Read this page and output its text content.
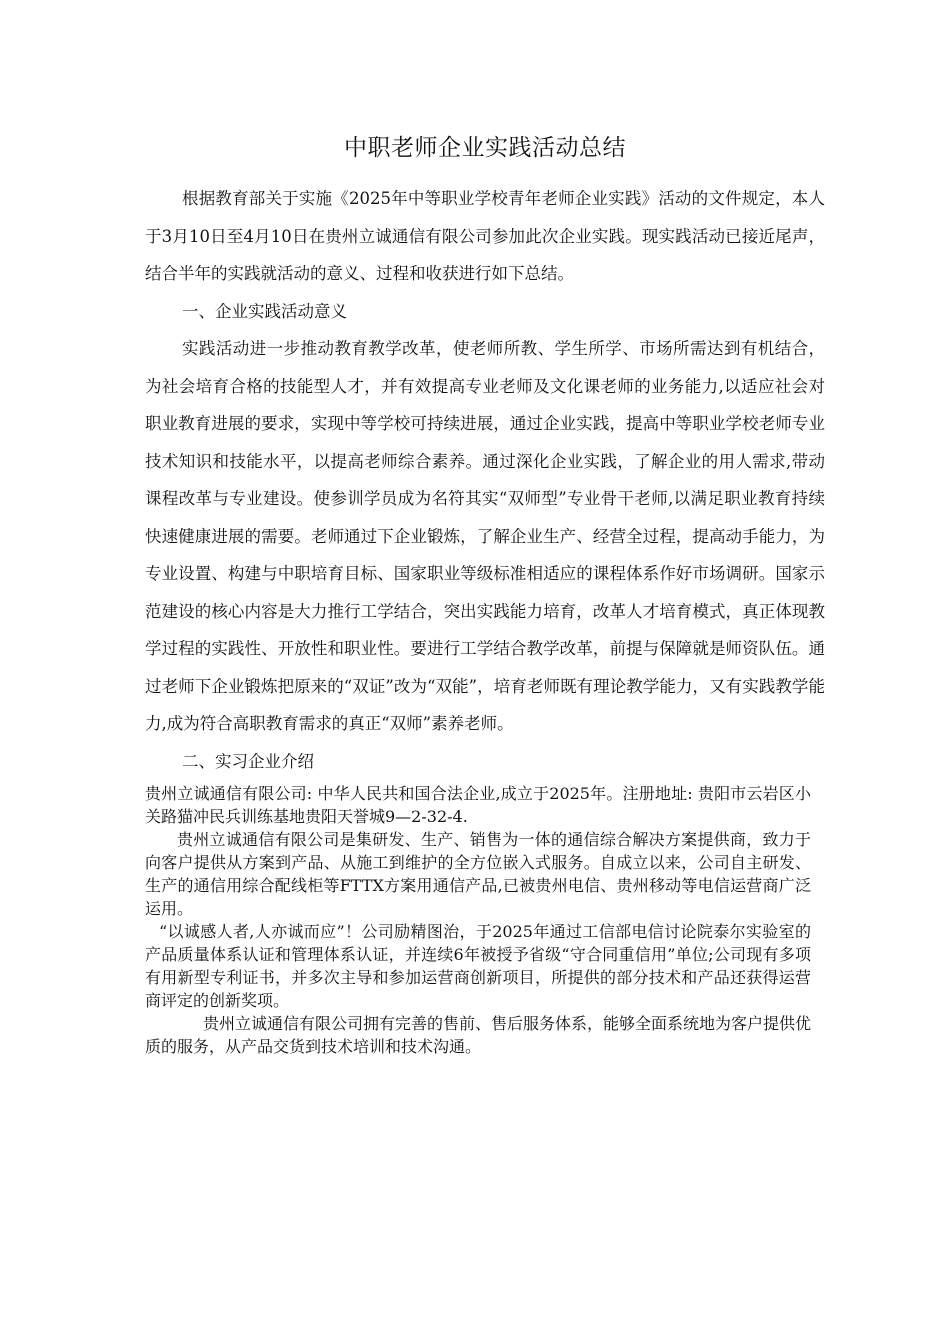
中职老师企业实践活动总结

根据教育部关于实施《2025年中等职业学校青年老师企业实践》活动的文件规定，本人于3月10日至4月10日在贵州立诚通信有限公司参加此次企业实践。现实践活动已接近尾声，结合半年的实践就活动的意义、过程和收获进行如下总结。

一、企业实践活动意义

实践活动进一步推动教育教学改革，使老师所教、学生所学、市场所需达到有机结合，为社会培育合格的技能型人才，并有效提高专业老师及文化课老师的业务能力,以适应社会对职业教育进展的要求，实现中等学校可持续进展，通过企业实践，提高中等职业学校老师专业技术知识和技能水平，以提高老师综合素养。通过深化企业实践，了解企业的用人需求,带动课程改革与专业建设。使参训学员成为名符其实“双师型”专业骨干老师,以满足职业教育持续快速健康进展的需要。老师通过下企业锻炼，了解企业生产、经营全过程，提高动手能力，为专业设置、构建与中职培育目标、国家职业等级标准相适应的课程体系作好市场调研。国家示范建设的核心内容是大力推行工学结合，突出实践能力培育，改革人才培育模式，真正体现教学过程的实践性、开放性和职业性。要进行工学结合教学改革，前提与保障就是师资队伍。通过老师下企业锻炼把原来的“双证”改为“双能”，培育老师既有理论教学能力，又有实践教学能力,成为符合高职教育需求的真正“双师”素养老师。

二、实习企业介绍

贵州立诚通信有限公司: 中华人民共和国合法企业,成立于2025年。注册地址: 贵阳市云岩区小关路猫冲民兵训练基地贵阳天誉城9—2-32-4.

贵州立诚通信有限公司是集研发、生产、销售为一体的通信综合解决方案提供商，致力于向客户提供从方案到产品、从施工到维护的全方位嵌入式服务。自成立以来，公司自主研发、生产的通信用综合配线柜等FTTX方案用通信产品,已被贵州电信、贵州移动等电信运营商广泛运用。

“以诚感人者,人亦诚而应”！公司励精图治，于2025年通过工信部电信讨论院泰尔实验室的产品质量体系认证和管理体系认证，并连续6年被授予省级“守合同重信用”单位;公司现有多项有用新型专利证书，并多次主导和参加运营商创新项目，所提供的部分技术和产品还获得运营商评定的创新奖项。

贵州立诚通信有限公司拥有完善的售前、售后服务体系，能够全面系统地为客户提供优质的服务，从产品交货到技术培训和技术沟通。
